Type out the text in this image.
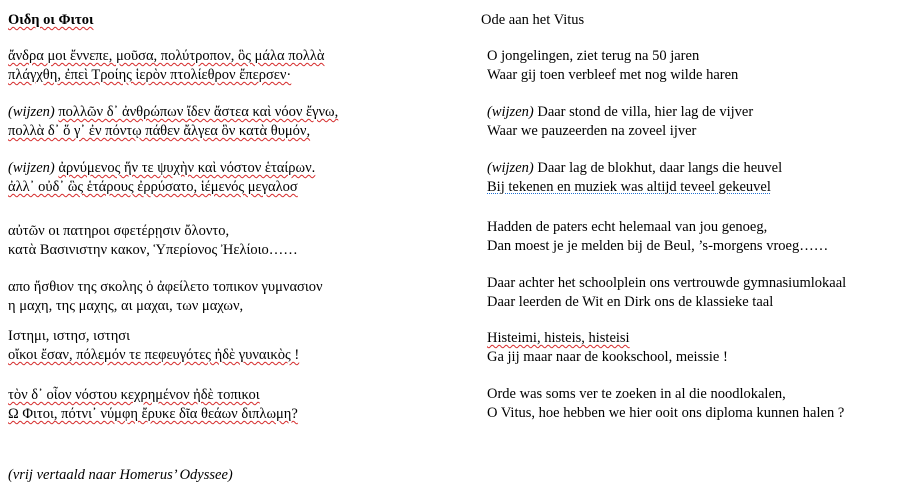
Οιδη οι Φιτοι
ἄνδρα μοι ἔννεπε, μοῦσα, πολύτροπον, ὃς μάλα πολλὰ
πλάγχθη, ἐπεὶ Τροίης ἱερὸν πτολίεθρον ἔπερσεν·
(wijzen) πολλῶν δ᾽ ἀνθρώπων ἴδεν ἄστεα καὶ νόον ἔγνω,
πολλὰ δ᾽ ὅ γ᾽ ἐν πόντῳ πάθεν ἄλγεα ὃν κατὰ θυμόν,
(wijzen) ἀρνύμενος ἥν τε ψυχὴν καὶ νόστον ἑταίρων.
ἀλλ᾽ οὐδ᾽ ὣς ἑτάρους ἐρρύσατο, ἱέμενός μεγαλοσ
αὐτῶν οι πατηροι σφετέρῃσιν ὄλοντο,
κατὰ Βασινιστην κακον, Ὑπερίονος Ἠελίοιο……
απο ἤσθιον της σκολης ὁ ἀφείλετο τοπικον γυμνασιον
η μαχη, της μαχης, αι μαχαι, των μαχων,
Ιστημι, ιστησ, ιστησι
οἴκοι ἔσαν, πόλεμόν τε πεφευγότες ἠδὲ γυναικὸς !
τὸν δ᾽ οἶον νόστου κεχρημένον ἠδὲ τοπικοι
Ω Φιτοι, πότνι᾽ νύμφη ἔρυκε δῖα θεάων διπλωμη?
Ode aan het Vitus
O jongelingen, ziet terug na 50 jaren
Waar gij toen verbleef met nog wilde haren
(wijzen) Daar stond de villa, hier lag de vijver
Waar we pauzeerden na zoveel ijver
(wijzen) Daar lag de blokhut, daar langs die heuvel
Bij tekenen en muziek was altijd teveel gekeuvel
Hadden de paters echt helemaal van jou genoeg,
Dan moest je je melden bij de Beul, ’s-morgens vroeg……
Daar achter het schoolplein ons vertrouwde gymnasiumlokaal
Daar leerden de Wit en Dirk ons de klassieke taal
Histeimi, histeis, histeisi
Ga jij maar naar de kookschool, meissie !
Orde was soms ver te zoeken in al die noodlokalen,
O Vitus, hoe hebben we hier ooit ons diploma kunnen halen ?
(vrij vertaald naar Homerus’ Odyssee)
